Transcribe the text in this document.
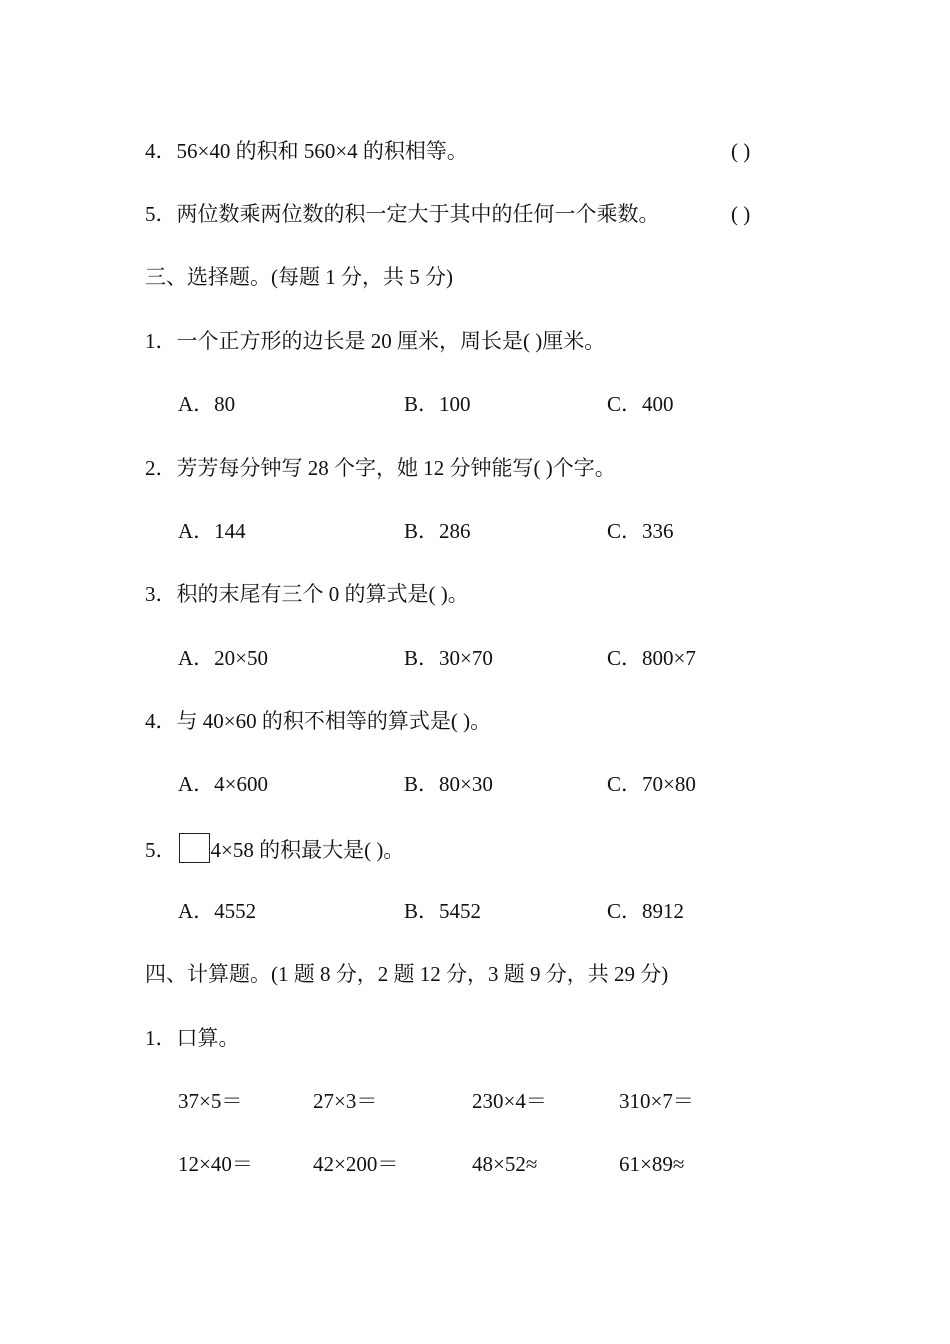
4．56×40 的积和 560×4 的积相等。	( )
5．两位数乘两位数的积一定大于其中的任何一个乘数。	( )
三、选择题。(每题 1 分，共 5 分)
1．一个正方形的边长是 20 厘米，周长是( )厘米。
A．80	B．100	C．400
2．芳芳每分钟写 28 个字，她 12 分钟能写( )个字。
A．144	B．286	C．336
3．积的末尾有三个 0 的算式是( )。
A．20×50	B．30×70	C．800×7
4．与 40×60 的积不相等的算式是( )。
A．4×600	B．80×30	C．70×80
5． 4×58 的积最大是( )。
A．4552	B．5452	C．8912
四、计算题。(1 题 8 分，2 题 12 分，3 题 9 分，共 29 分)
1．口算。
37×5＝	27×3＝	230×4＝	310×7＝
12×40＝	42×200＝	48×52≈	61×89≈
